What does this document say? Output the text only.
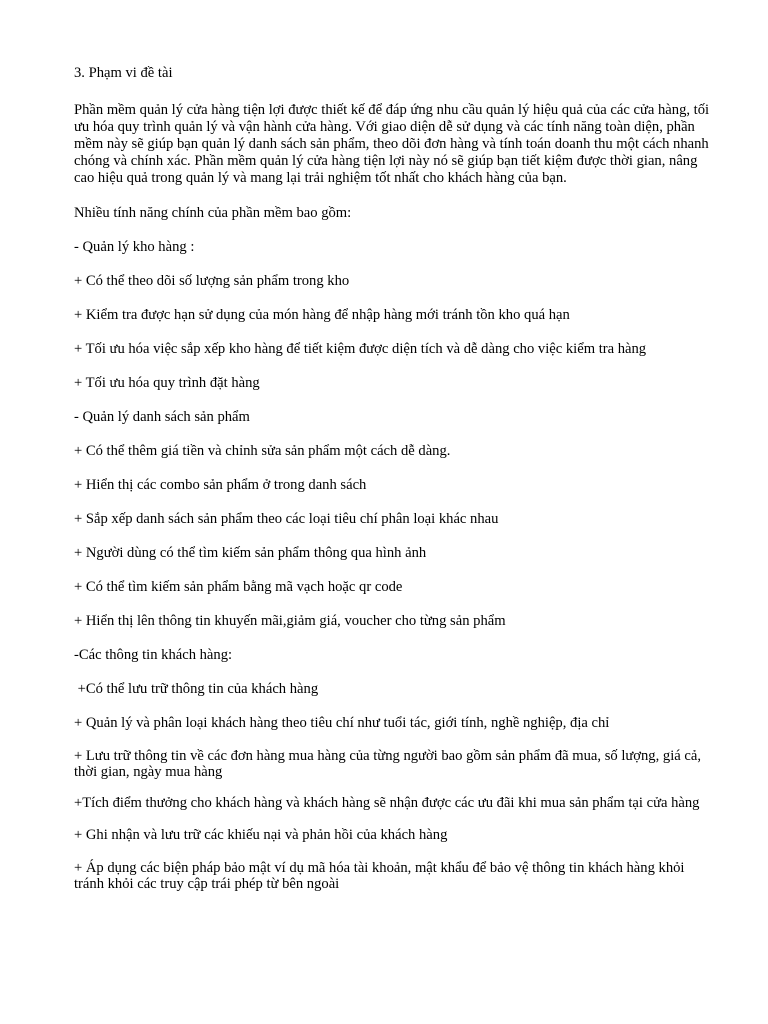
3. Phạm vi đề tài

Phần mềm quản lý cửa hàng tiện lợi được thiết kế để đáp ứng nhu cầu quản lý hiệu quả của các cửa hàng, tối ưu hóa quy trình quản lý và vận hành cửa hàng. Với giao diện dễ sử dụng và các tính năng toàn diện, phần mềm này sẽ giúp bạn quản lý danh sách sản phẩm, theo dõi đơn hàng và tính toán doanh thu một cách nhanh chóng và chính xác. Phần mềm quản lý cửa hàng tiện lợi này nó sẽ giúp bạn tiết kiệm được thời gian, nâng cao hiệu quả trong quản lý và mang lại trải nghiệm tốt nhất cho khách hàng của bạn.

Nhiều tính năng chính của phần mềm bao gồm:

- Quản lý kho hàng :

+ Có thể theo dõi số lượng sản phẩm trong kho

+ Kiểm tra được hạn sử dụng của món hàng để nhập hàng mới tránh tồn kho quá hạn

+ Tối ưu hóa việc sắp xếp kho hàng để tiết kiệm được diện tích và dễ dàng cho việc kiểm tra hàng

+ Tối ưu hóa quy trình đặt hàng

- Quản lý danh sách sản phẩm

+ Có thể thêm giá tiền và chỉnh sửa sản phẩm một cách dễ dàng.

+ Hiển thị các combo sản phẩm ở trong danh sách

+ Sắp xếp danh sách sản phẩm theo các loại tiêu chí phân loại khác nhau

+ Người dùng có thể tìm kiếm sản phẩm thông qua hình ảnh

+ Có thể tìm kiếm sản phẩm bằng mã vạch hoặc qr code

+ Hiển thị lên thông tin khuyến mãi,giảm giá, voucher cho từng sản phẩm

-Các thông tin khách hàng:

+Có thể lưu trữ thông tin của khách hàng

+ Quản lý và phân loại khách hàng theo tiêu chí như tuổi tác, giới tính, nghề nghiệp, địa chỉ

+ Lưu trữ thông tin về các đơn hàng mua hàng của từng người bao gồm sản phẩm đã mua, số lượng, giá cả, thời gian, ngày mua hàng

+Tích điểm thưởng cho khách hàng và khách hàng sẽ nhận được các ưu đãi khi mua sản phẩm tại cửa hàng

+ Ghi nhận và lưu trữ các khiếu nại và phản hồi của khách hàng

+ Áp dụng các biện pháp bảo mật ví dụ mã hóa tài khoản, mật khẩu để bảo vệ thông tin khách hàng khỏi tránh khỏi các truy cập trái phép từ bên ngoài
